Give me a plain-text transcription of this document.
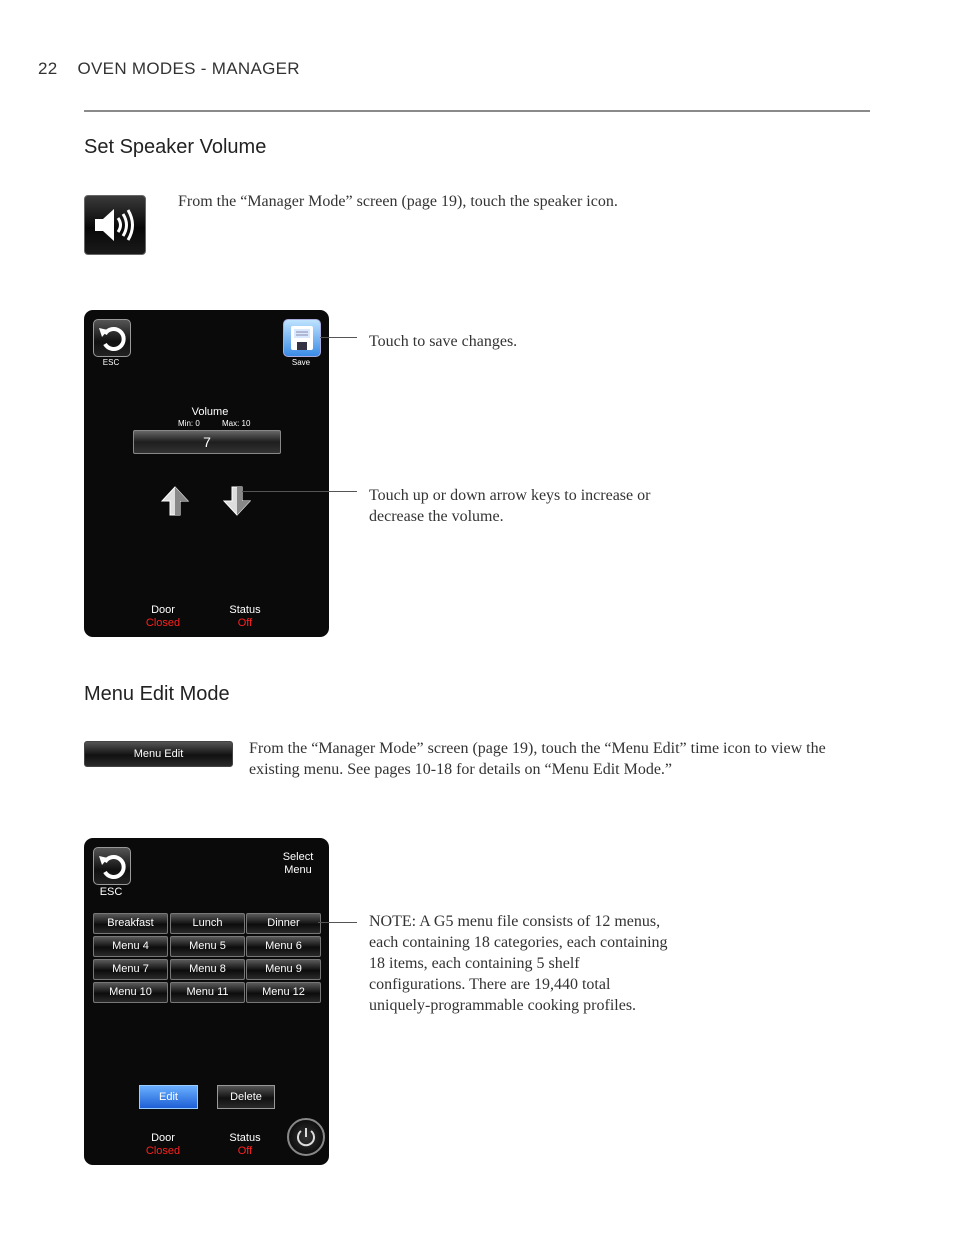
22 OVEN MODES - MANAGER
Set Speaker Volume
From the “Manager Mode” screen (page 19), touch the speaker icon.
ESC	Save
Volume
Min: 0	Max: 10
7
Door
Closed
Status
Off
Touch to save changes.
Touch up or down arrow keys to increase or decrease the volume.
Menu Edit Mode
Menu Edit	From the “Manager Mode” screen (page 19), touch the “Menu Edit” time icon to view the existing menu. See pages 10-18 for details on “Menu Edit Mode.”
ESC
Select
Menu
Breakfast	Lunch	Dinner
Menu 4	Menu 5	Menu 6
Menu 7	Menu 8	Menu 9
Menu 10	Menu 11	Menu 12
Edit	Delete
Door
Closed
Status
Off
NOTE: A G5 menu file consists of 12 menus, each containing 18 categories, each containing 18 items, each containing 5 shelf configurations. There are 19,440 total uniquely-programmable cooking profiles.
